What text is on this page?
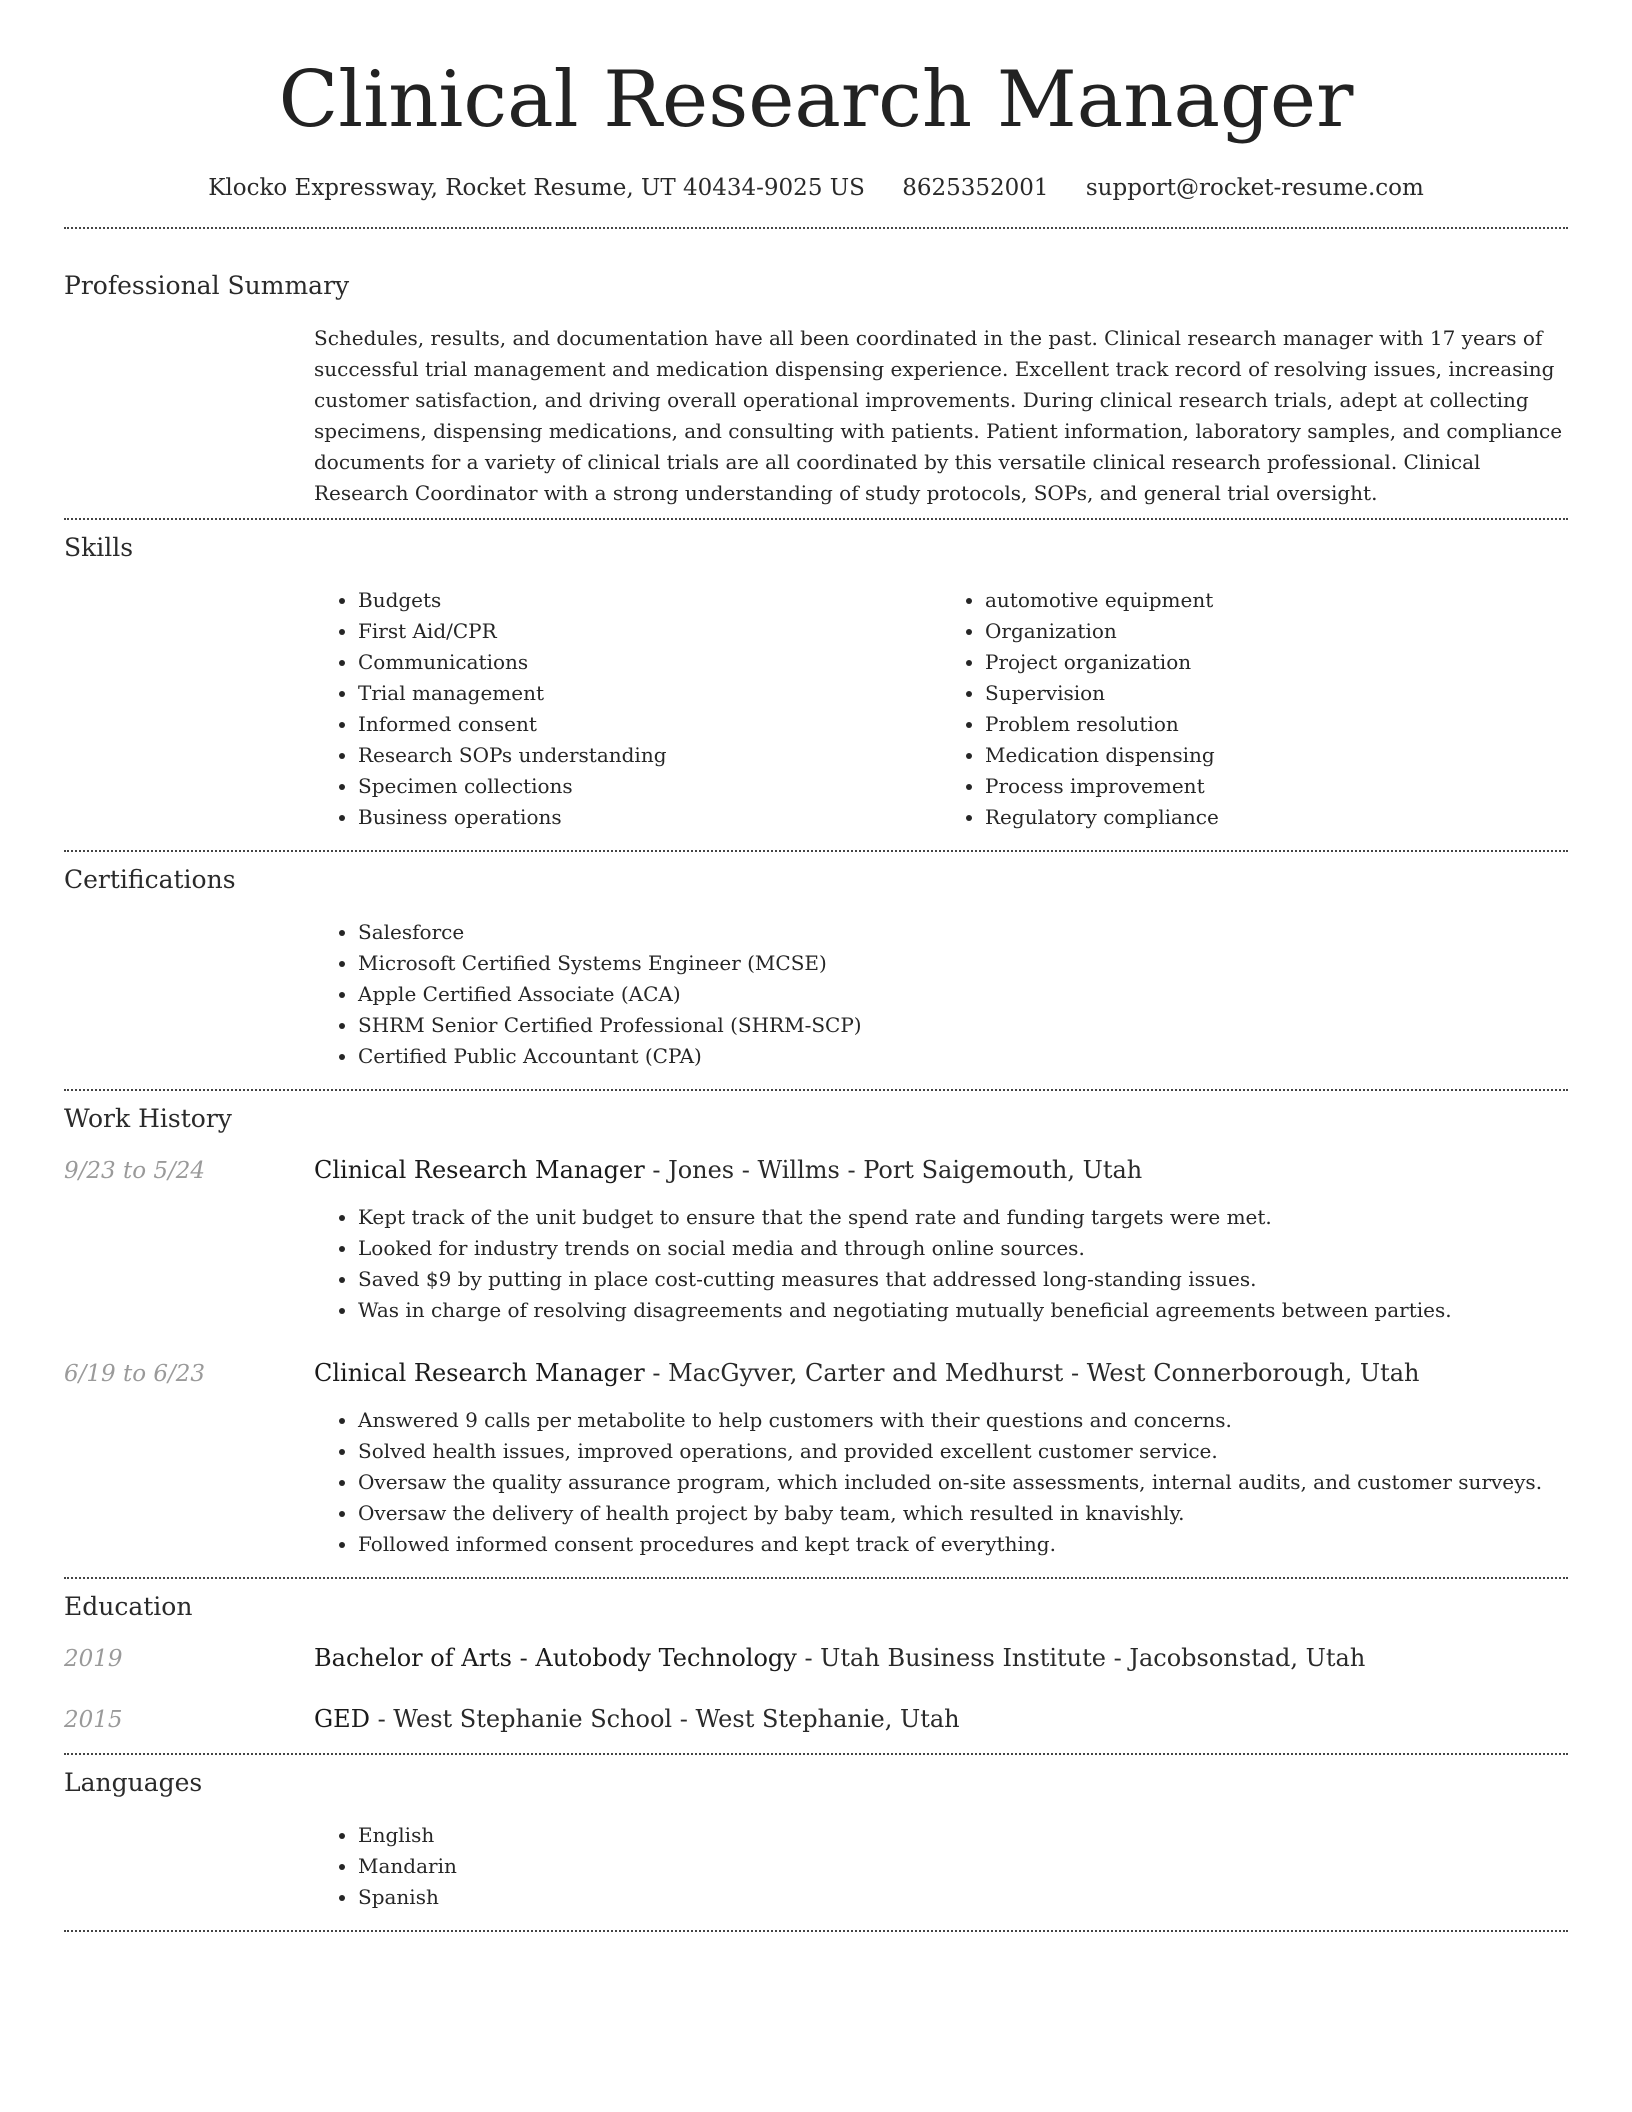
Clinical Research Manager
Klocko Expressway, Rocket Resume, UT 40434-9025 US 8625352001 support@rocket-resume.com
Professional Summary

Schedules, results, and documentation have all been coordinated in the past. Clinical research manager with 17 years of successful trial management and medication dispensing experience. Excellent track record of resolving issues, increasing customer satisfaction, and driving overall operational improvements. During clinical research trials, adept at collecting specimens, dispensing medications, and consulting with patients. Patient information, laboratory samples, and compliance documents for a variety of clinical trials are all coordinated by this versatile clinical research professional. Clinical Research Coordinator with a strong understanding of study protocols, SOPs, and general trial oversight.

Skills
• Budgets
• First Aid/CPR
• Communications
• Trial management
• Informed consent
• Research SOPs understanding
• Specimen collections
• Business operations
• automotive equipment
• Organization
• Project organization
• Supervision
• Problem resolution
• Medication dispensing
• Process improvement
• Regulatory compliance
Certifications
• Salesforce
• Microsoft Certified Systems Engineer (MCSE)
• Apple Certified Associate (ACA)
• SHRM Senior Certified Professional (SHRM-SCP)
• Certified Public Accountant (CPA)
Work History
9/23 to 5/24	Clinical Research Manager - Jones - Willms - Port Saigemouth, Utah
• Kept track of the unit budget to ensure that the spend rate and funding targets were met.
• Looked for industry trends on social media and through online sources.
• Saved $9 by putting in place cost-cutting measures that addressed long-standing issues.
• Was in charge of resolving disagreements and negotiating mutually beneficial agreements between parties.
6/19 to 6/23	Clinical Research Manager - MacGyver, Carter and Medhurst - West Connerborough, Utah
• Answered 9 calls per metabolite to help customers with their questions and concerns.
• Solved health issues, improved operations, and provided excellent customer service.
• Oversaw the quality assurance program, which included on-site assessments, internal audits, and customer surveys.
• Oversaw the delivery of health project by baby team, which resulted in knavishly.
• Followed informed consent procedures and kept track of everything.
Education
2019	Bachelor of Arts - Autobody Technology - Utah Business Institute - Jacobsonstad, Utah
2015	GED - West Stephanie School - West Stephanie, Utah
Languages
• English
• Mandarin
• Spanish
